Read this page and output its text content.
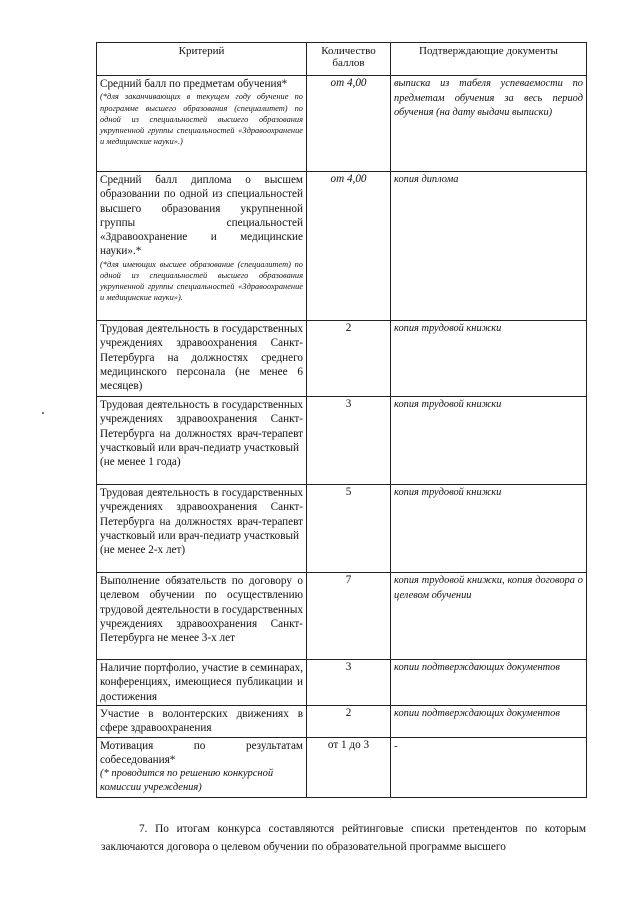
Критерий	Количество баллов	Подтверждающие документы

Средний балл по предметам обучения*
(*для заканчивающих в текущем году обучение по программе высшего образования (специалитет) по одной из специальностей высшего образования укрупненной группы специальностей «Здравоохранение и медицинские науки».)	от 4,00	выписка из табеля успеваемости по предметам обучения за весь период обучения (на дату выдачи выписки)

Средний балл диплома о высшем образовании по одной из специальностей высшего образования укрупненной группы специальностей «Здравоохранение и медицинские науки».*
(*для имеющих высшее образование (специалитет) по одной из специальностей высшего образования укрупненной группы специальностей «Здравоохранение и медицинские науки»).	от 4,00	копия диплома

Трудовая деятельность в государственных учреждениях здравоохранения Санкт-Петербурга на должностях среднего медицинского персонала (не менее 6 месяцев)	2	копия трудовой книжки

Трудовая деятельность в государственных учреждениях здравоохранения Санкт-Петербурга на должностях врач-терапевт участковый или врач-педиатр участковый
(не менее 1 года)	3	копия трудовой книжки

Трудовая деятельность в государственных учреждениях здравоохранения Санкт-Петербурга на должностях врач-терапевт участковый или врач-педиатр участковый
(не менее 2-х лет)	5	копия трудовой книжки

Выполнение обязательств по договору о целевом обучении по осуществлению трудовой деятельности в государственных учреждениях здравоохранения Санкт-Петербурга не менее 3-х лет	7	копия трудовой книжки, копия договора о целевом обучении

Наличие портфолио, участие в семинарах, конференциях, имеющиеся публикации и достижения	3	копии подтверждающих документов

Участие в волонтерских движениях в сфере здравоохранения	2	копии подтверждающих документов

Мотивация по результатам собеседования*
(* проводится по решению конкурсной комиссии учреждения)	от 1 до 3	-

7. По итогам конкурса составляются рейтинговые списки претендентов по которым заключаются договора о целевом обучении по образовательной программе высшего
